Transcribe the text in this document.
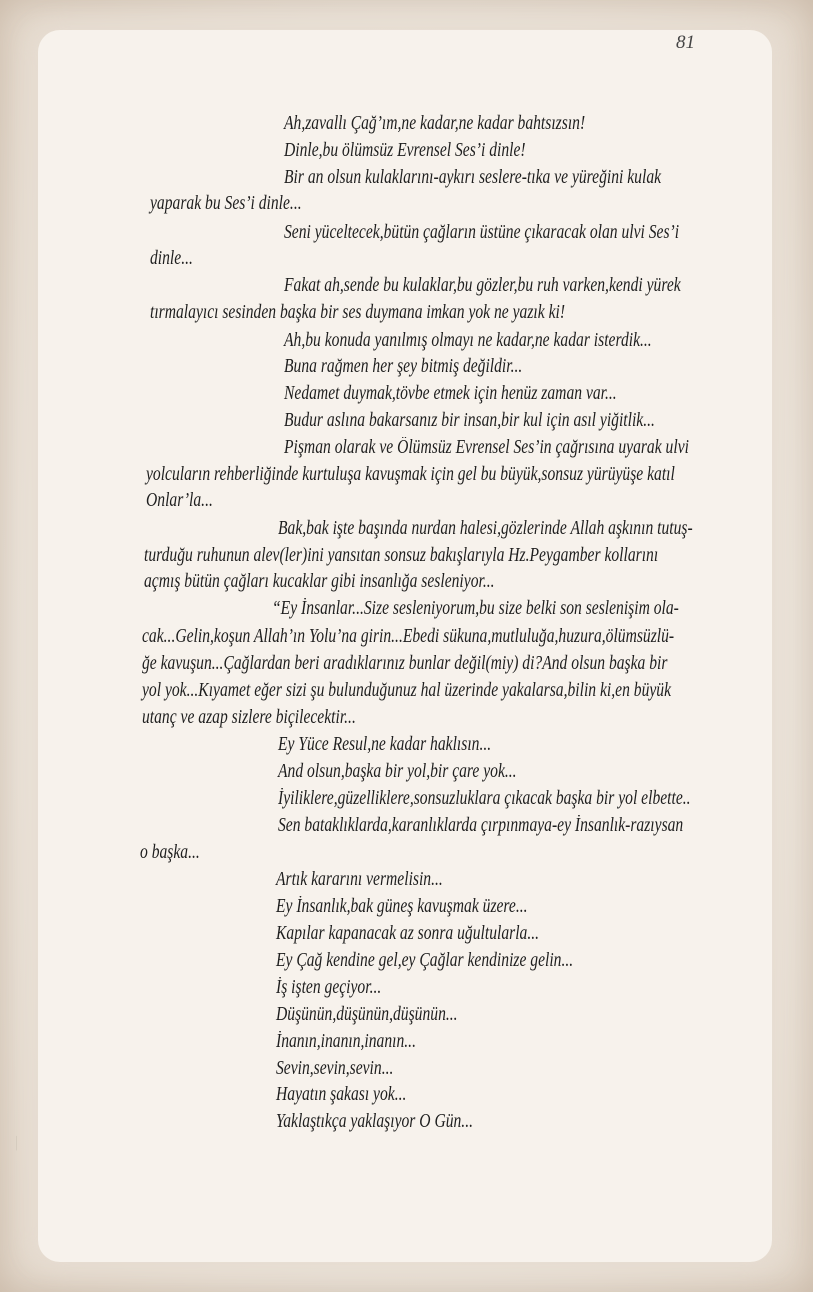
81
Ah,zavallı Çağ’ım,ne kadar,ne kadar bahtsızsın!
Dinle,bu ölümsüz Evrensel Ses’i dinle!
Bir an olsun kulaklarını-aykırı seslere-tıka ve yüreğini kulak
yaparak bu Ses’i dinle...
Seni yüceltecek,bütün çağların üstüne çıkaracak olan ulvi Ses’i
dinle...
Fakat ah,sende bu kulaklar,bu gözler,bu ruh varken,kendi yürek
tırmalayıcı sesinden başka bir ses duymana imkan yok ne yazık ki!
Ah,bu konuda yanılmış olmayı ne kadar,ne kadar isterdik...
Buna rağmen her şey bitmiş değildir...
Nedamet duymak,tövbe etmek için henüz zaman var...
Budur aslına bakarsanız bir insan,bir kul için asıl yiğitlik...
Pişman olarak ve Ölümsüz Evrensel Ses’in çağrısına uyarak ulvi
yolcuların rehberliğinde kurtuluşa kavuşmak için gel bu büyük,sonsuz yürüyüşe katıl
Onlar’la...
Bak,bak işte başında nurdan halesi,gözlerinde Allah aşkının tutuş-
turduğu ruhunun alev(ler)ini yansıtan sonsuz bakışlarıyla Hz.Peygamber kollarını
açmış bütün çağları kucaklar gibi insanlığa sesleniyor...
“Ey İnsanlar...Size sesleniyorum,bu size belki son seslenişim ola-
cak...Gelin,koşun Allah’ın Yolu’na girin...Ebedi sükuna,mutluluğa,huzura,ölümsüzlü-
ğe kavuşun...Çağlardan beri aradıklarınız bunlar değil(miy) di?And olsun başka bir
yol yok...Kıyamet eğer sizi şu bulunduğunuz hal üzerinde yakalarsa,bilin ki,en büyük
utanç ve azap sizlere biçilecektir...
Ey Yüce Resul,ne kadar haklısın...
And olsun,başka bir yol,bir çare yok...
İyiliklere,güzelliklere,sonsuzluklara çıkacak başka bir yol elbette..
Sen bataklıklarda,karanlıklarda çırpınmaya-ey İnsanlık-razıysan
o başka...
Artık kararını vermelisin...
Ey İnsanlık,bak güneş kavuşmak üzere...
Kapılar kapanacak az sonra uğultularla...
Ey Çağ kendine gel,ey Çağlar kendinize gelin...
İş işten geçiyor...
Düşünün,düşünün,düşünün...
İnanın,inanın,inanın...
Sevin,sevin,sevin...
Hayatın şakası yok...
Yaklaştıkça yaklaşıyor O Gün...
⸺
